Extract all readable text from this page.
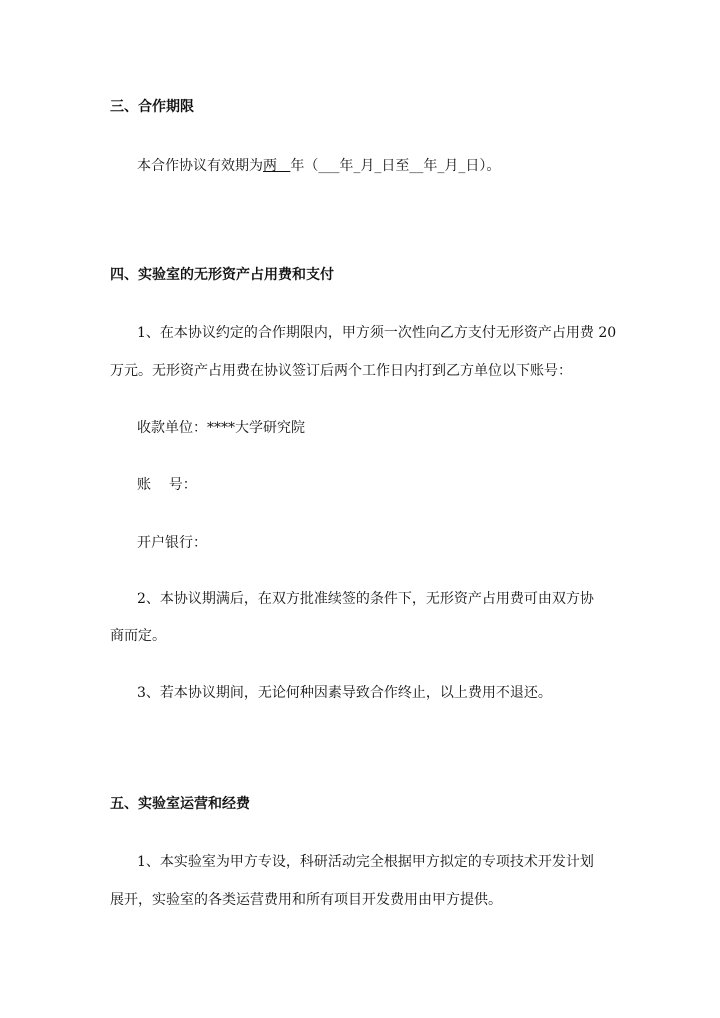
三、合作期限
本合作协议有效期为两 年（___年_月_日至__年_月_日）。
四、实验室的无形资产占用费和支付
1、在本协议约定的合作期限内，甲方须一次性向乙方支付无形资产占用费 20
万元。无形资产占用费在协议签订后两个工作日内打到乙方单位以下账号：
收款单位：****大学研究院
账    号：
开户银行：
2、本协议期满后，在双方批准续签的条件下，无形资产占用费可由双方协
商而定。
3、若本协议期间，无论何种因素导致合作终止，以上费用不退还。
五、实验室运营和经费
1、本实验室为甲方专设，科研活动完全根据甲方拟定的专项技术开发计划
展开，实验室的各类运营费用和所有项目开发费用由甲方提供。
